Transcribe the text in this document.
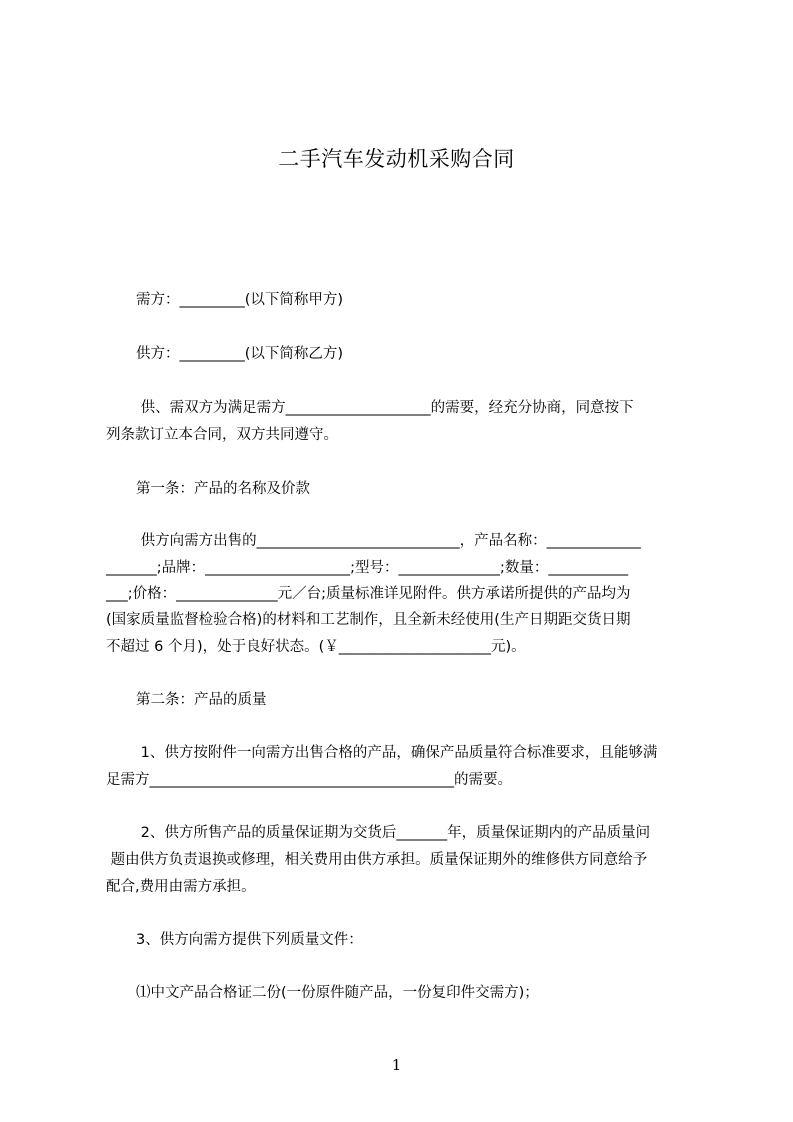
二手汽车发动机采购合同
需方：_________(以下简称甲方)
供方：_________(以下简称乙方)
供、需双方为满足需方____________________的需要，经充分协商，同意按下
列条款订立本合同，双方共同遵守。
第一条：产品的名称及价款
供方向需方出售的____________________________，产品名称：_____________
_______;品牌：____________________;型号：______________;数量：___________
___;价格：______________元／台;质量标准详见附件。供方承诺所提供的产品均为
(国家质量监督检验合格)的材料和工艺制作，且全新未经使用(生产日期距交货日期
不超过 6 个月)，处于良好状态。(￥_____________________元)。
第二条：产品的质量
1、供方按附件一向需方出售合格的产品，确保产品质量符合标准要求，且能够满
足需方__________________________________________的需要。
2、供方所售产品的质量保证期为交货后_______年，质量保证期内的产品质量问
题由供方负责退换或修理，相关费用由供方承担。质量保证期外的维修供方同意给予
配合,费用由需方承担。
3、供方向需方提供下列质量文件：
⑴中文产品合格证二份(一份原件随产品，一份复印件交需方)；
1
